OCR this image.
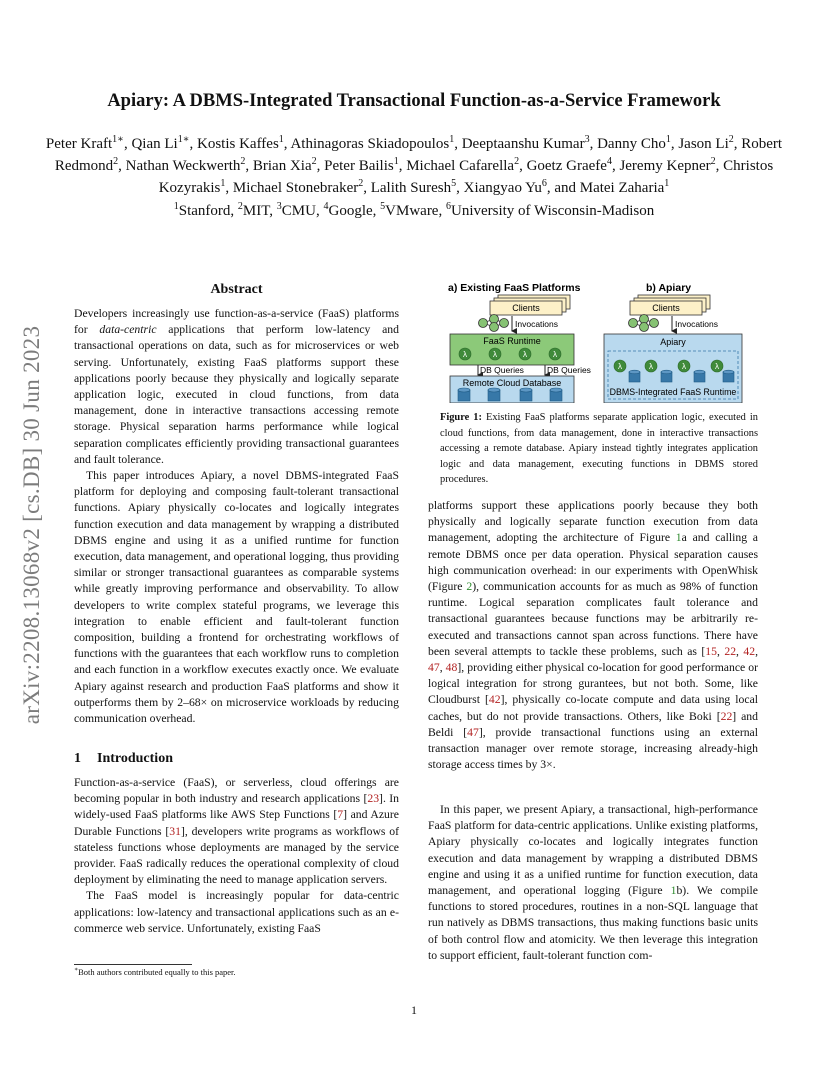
arXiv:2208.13068v2 [cs.DB] 30 Jun 2023
Apiary: A DBMS-Integrated Transactional Function-as-a-Service Framework
Peter Kraft$^{1∗}$, Qian $Li^{1∗}$, Kostis Kaffes$^1$, Athinagoras Skiadopoulos$^1$, Deeptaanshu Kumar$^3$, Danny Cho$^1$, Jason Li$^2$, Robert Redmond$^2$, Nathan Weckwerth$^2$, Brian Xia$^2$, Peter Bailis$^1$, Michael Cafarella$^2$, Goetz Graefe$^4$, Jeremy Kepner$^2$, Christos Kozyrakis$^1$, Michael Stonebraker$^2$, Lalith Suresh$^5$, Xiangyao Yu$^6$, and Matei Zaharia$^1$
$^1$Stanford, $^2$MIT, $^3$CMU, $^4$Google, $^5$VMware, $^6$University of Wisconsin-Madison
Abstract

Developers increasingly use function-as-a-service (FaaS) platforms for data-centric applications that perform low-latency and transactional operations on data, such as for microservices or web serving. Unfortunately, existing FaaS platforms support these applications poorly because they physically and logically separate application logic, executed in cloud functions, from data management, done in interactive transactions accessing remote storage. Physical separation harms performance while logical separation complicates efficiently providing transactional guarantees and fault tolerance.

This paper introduces Apiary, a novel DBMS-integrated FaaS platform for deploying and composing fault-tolerant transactional functions. Apiary physically co-locates and logically integrates function execution and data management by wrapping a distributed DBMS engine and using it as a unified runtime for function execution, data management, and operational logging, thus providing similar or stronger transactional guarantees as comparable systems while greatly improving performance and observability. To allow developers to write complex stateful programs, we leverage this integration to enable efficient and fault-tolerant function composition, building a frontend for orchestrating workflows of functions with the guarantees that each workflow runs to completion and each function in a workflow executes exactly once. We evaluate Apiary against research and production FaaS platforms and show it outperforms them by 2–68× on microservice workloads by reducing communication overhead.

1 Introduction

Function-as-a-service (FaaS), or serverless, cloud offerings are becoming popular in both industry and research applications [23]. In widely-used FaaS platforms like AWS Step Functions [7] and Azure Durable Functions [31], developers write programs as workflows of stateless functions whose deployments are managed by the service provider. FaaS radically reduces the operational complexity of cloud deployment by eliminating the need to manage application servers.

The FaaS model is increasingly popular for data-centric applications: low-latency and transactional applications such as an e-commerce web service. Unfortunately, existing FaaS

∗Both authors contributed equally to this paper.
a) Existing FaaS Platforms	b) Apiary
Clients
Invocations
FaaS Runtime
λ	λ	λ	λ
DB Queries	DB Queries
Remote Cloud Database
Clients
Invocations
Apiary
λ	λ	λ	λ
DBMS-Integrated FaaS Runtime
Figure 1: Existing FaaS platforms separate application logic, executed in cloud functions, from data management, done in interactive transactions accessing a remote database. Apiary instead tightly integrates application logic and data management, executing functions in DBMS stored procedures.

platforms support these applications poorly because they both physically and logically separate function execution from data management, adopting the architecture of Figure 1a and calling a remote DBMS once per data operation. Physical separation causes high communication overhead: in our experiments with OpenWhisk (Figure 2), communication accounts for as much as 98% of function runtime. Logical separation complicates fault tolerance and transactional guarantees because functions may be arbitrarily re-executed and transactions cannot span across functions. There have been several attempts to tackle these problems, such as [15, 22, 42, 47, 48], providing either physical co-location for good performance or logical integration for strong gurantees, but not both. Some, like Cloudburst [42], physically co-locate compute and data using local caches, but do not provide transactions. Others, like Boki [22] and Beldi [47], provide transactional functions using an external transaction manager over remote storage, increasing already-high storage access times by 3×.

In this paper, we present Apiary, a transactional, high-performance FaaS platform for data-centric applications. Unlike existing platforms, Apiary physically co-locates and logically integrates function execution and data management by wrapping a distributed DBMS engine and using it as a unified runtime for function execution, data management, and operational logging (Figure 1b). We compile functions to stored procedures, routines in a non-SQL language that run natively as DBMS transactions, thus making functions basic units of both control flow and atomicity. We then leverage this integration to support efficient, fault-tolerant function com-

1
